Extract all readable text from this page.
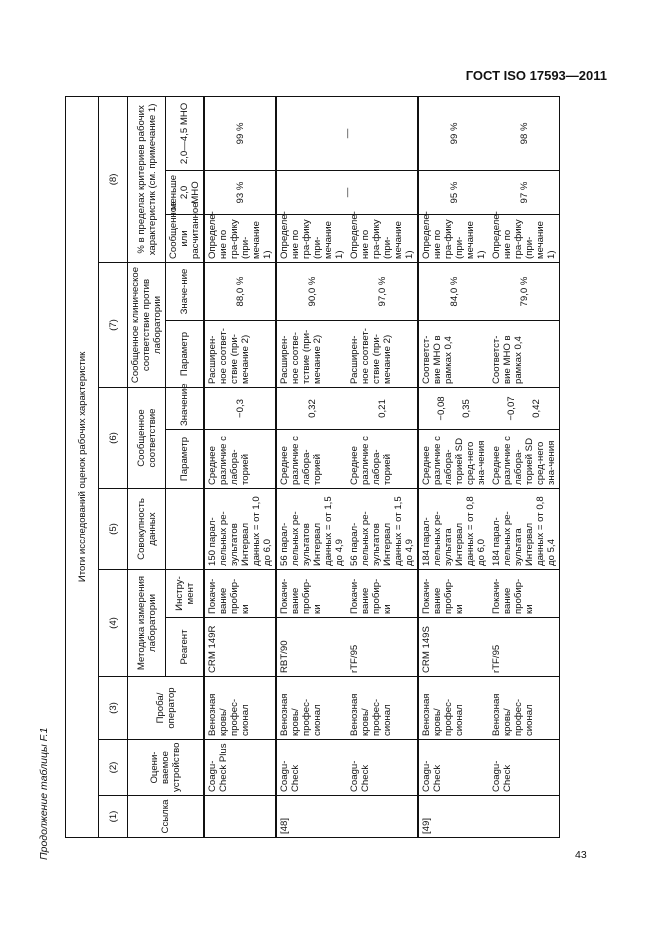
ГОСТ ISO 17593—2011
Продолжение таблицы F.1
Итоги исследований оценок рабочих характеристик												
(1)	(2)	(3)	(4)		(5)	(6)		(7)		(8)		
Ссылка	Оцени-ваемое устройство	Проба/ оператор	Методика измерения лаборатории		Совокупность данных	Сообщенное соответствие		Сообщенное клиническое соответствие против лаборатории		% в пределах критериев рабочих характеристик (см. примечание 1)		
			Реагент	Инстру-мент		Параметр	Значение	Параметр	Значе-ние	Сообщенное или расчитанное	меньше 2,0 МНО	2,0—4,5 МНО
	Coagu-Check Plus	Венозная кровь/ профес-сионал	CRM 149R	Покачи-вание пробир-ки	150 парал-лельных ре-зультатов Интервал данных = от 1,0 до 6,0	Среднее различие с лабора-торией	−0,3	Расширен-ное соответ-ствие (при-мечание 2)	88,0 %	Определе-ние по гра-фику (при-мечание 1)	93 %	99 %
[48]	Coagu-Check	Венозная кровь/ профес-сионал	RBT/90	Покачи-вание пробир-ки	56 парал-лельных ре-зультатов Интервал данных = от 1,5 до 4,9	Среднее различие с лабора-торией	0,32	Расширен-ное соотве-тствие (при-мечание 2)	90,0 %	Определе-ние по гра-фику (при-мечание 1)	—	—
	Coagu-Check	Венозная кровь/ профес-сионал	rTF/95	Покачи-вание пробир-ки	56 парал-лельных ре-зультатов Интервал данных = от 1,5 до 4,9	Среднее различие с лабора-торией	0,21	Расширен-ное соответ-ствие (при-мечание 2)	97,0 %	Определе-ние по гра-фику (при-мечание 1)		
[49]	Coagu-Check	Венозная кровь/ профес-сионал	CRM 149S	Покачи-вание пробир-ки	184 парал-лельных ре-зультата Интервал данных = от 0,8 до 6,0	Среднее различие с лабора-торией SD сред-него зна-чения	−0,08 0,35	Соответст-вие МНО в рамках 0,4	84,0 %	Определе-ние по гра-фику (при-мечание 1)	95 %	99 %
	Coagu-Check	Венозная кровь/ профес-сионал	rTF/95	Покачи-вание пробир-ки	184 парал-лельных ре-зультата Интервал данных = от 0,8 до 5,4	Среднее различие с лабора-торией SD сред-него зна-чения	−0,07 0,42	Соответст-вие МНО в рамках 0,4	79,0 %	Определе-ние по гра-фику (при-мечание 1)	97 %	98 %
43
